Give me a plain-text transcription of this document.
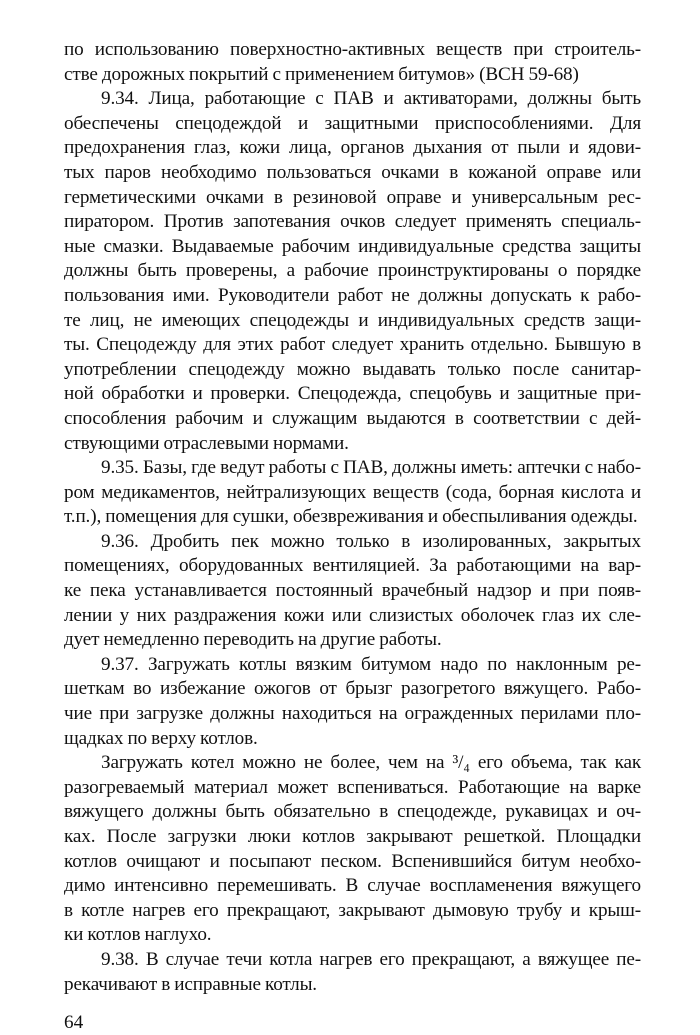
по использованию поверхностно-активных веществ при строитель-
стве дорожных покрытий с применением битумов» (ВСН 59-68)
9.34. Лица, работающие с ПАВ и активаторами, должны быть
обеспечены спецодеждой и защитными приспособлениями. Для
предохранения глаз, кожи лица, органов дыхания от пыли и ядови-
тых паров необходимо пользоваться очками в кожаной оправе или
герметическими очками в резиновой оправе и универсальным рес-
пиратором. Против запотевания очков следует применять специаль-
ные смазки. Выдаваемые рабочим индивидуальные средства защиты
должны быть проверены, а рабочие проинструктированы о порядке
пользования ими. Руководители работ не должны допускать к рабо-
те лиц, не имеющих спецодежды и индивидуальных средств защи-
ты. Спецодежду для этих работ следует хранить отдельно. Бывшую в
употреблении спецодежду можно выдавать только после санитар-
ной обработки и проверки. Спецодежда, спецобувь и защитные при-
способления рабочим и служащим выдаются в соответствии с дей-
ствующими отраслевыми нормами.
9.35. Базы, где ведут работы с ПАВ, должны иметь: аптечки с набо-
ром медикаментов, нейтрализующих веществ (сода, борная кислота и
т.п.), помещения для сушки, обезвреживания и обеспыливания одежды.
9.36. Дробить пек можно только в изолированных, закрытых
помещениях, оборудованных вентиляцией. За работающими на вар-
ке пека устанавливается постоянный врачебный надзор и при появ-
лении у них раздражения кожи или слизистых оболочек глаз их сле-
дует немедленно переводить на другие работы.
9.37. Загружать котлы вязким битумом надо по наклонным ре-
шеткам во избежание ожогов от брызг разогретого вяжущего. Рабо-
чие при загрузке должны находиться на огражденных перилами пло-
щадках по верху котлов.
Загружать котел можно не более, чем на ³/₄ его объема, так как
разогреваемый материал может вспениваться. Работающие на варке
вяжущего должны быть обязательно в спецодежде, рукавицах и оч-
ках. После загрузки люки котлов закрывают решеткой. Площадки
котлов очищают и посыпают песком. Вспенившийся битум необхо-
димо интенсивно перемешивать. В случае воспламенения вяжущего
в котле нагрев его прекращают, закрывают дымовую трубу и крыш-
ки котлов наглухо.
9.38. В случае течи котла нагрев его прекращают, а вяжущее пе-
рекачивают в исправные котлы.
64
